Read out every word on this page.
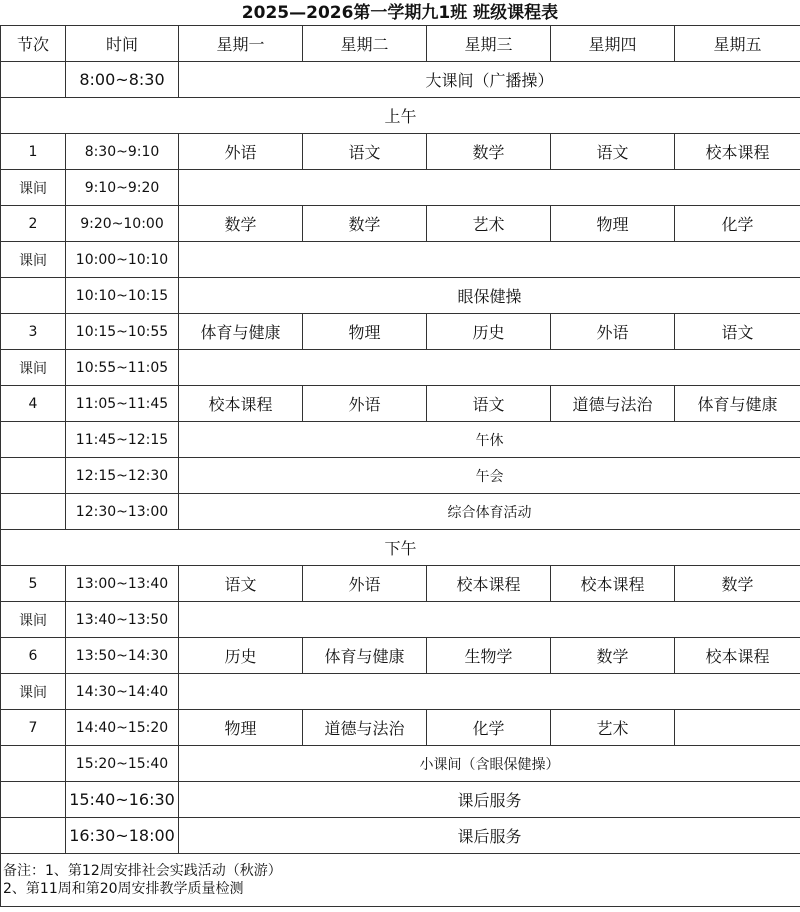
2025—2026第一学期九1班 班级课程表
节次	时间	星期一	星期二	星期三	星期四	星期五
	8:00~8:30	大课间（广播操）				
上午						
1	8:30~9:10	外语	语文	数学	语文	校本课程
课间	9:10~9:20					
2	9:20~10:00	数学	数学	艺术	物理	化学
课间	10:00~10:10					
	10:10~10:15	眼保健操				
3	10:15~10:55	体育与健康	物理	历史	外语	语文
课间	10:55~11:05					
4	11:05~11:45	校本课程	外语	语文	道德与法治	体育与健康
	11:45~12:15	午休				
	12:15~12:30	午会				
	12:30~13:00	综合体育活动				
下午						
5	13:00~13:40	语文	外语	校本课程	校本课程	数学
课间	13:40~13:50					
6	13:50~14:30	历史	体育与健康	生物学	数学	校本课程
课间	14:30~14:40					
7	14:40~15:20	物理	道德与法治	化学	艺术	
	15:20~15:40	小课间（含眼保健操）				
	15:40~16:30	课后服务				
	16:30~18:00	课后服务				

备注：1、第12周安排社会实践活动（秋游）
2、第11周和第20周安排教学质量检测						
